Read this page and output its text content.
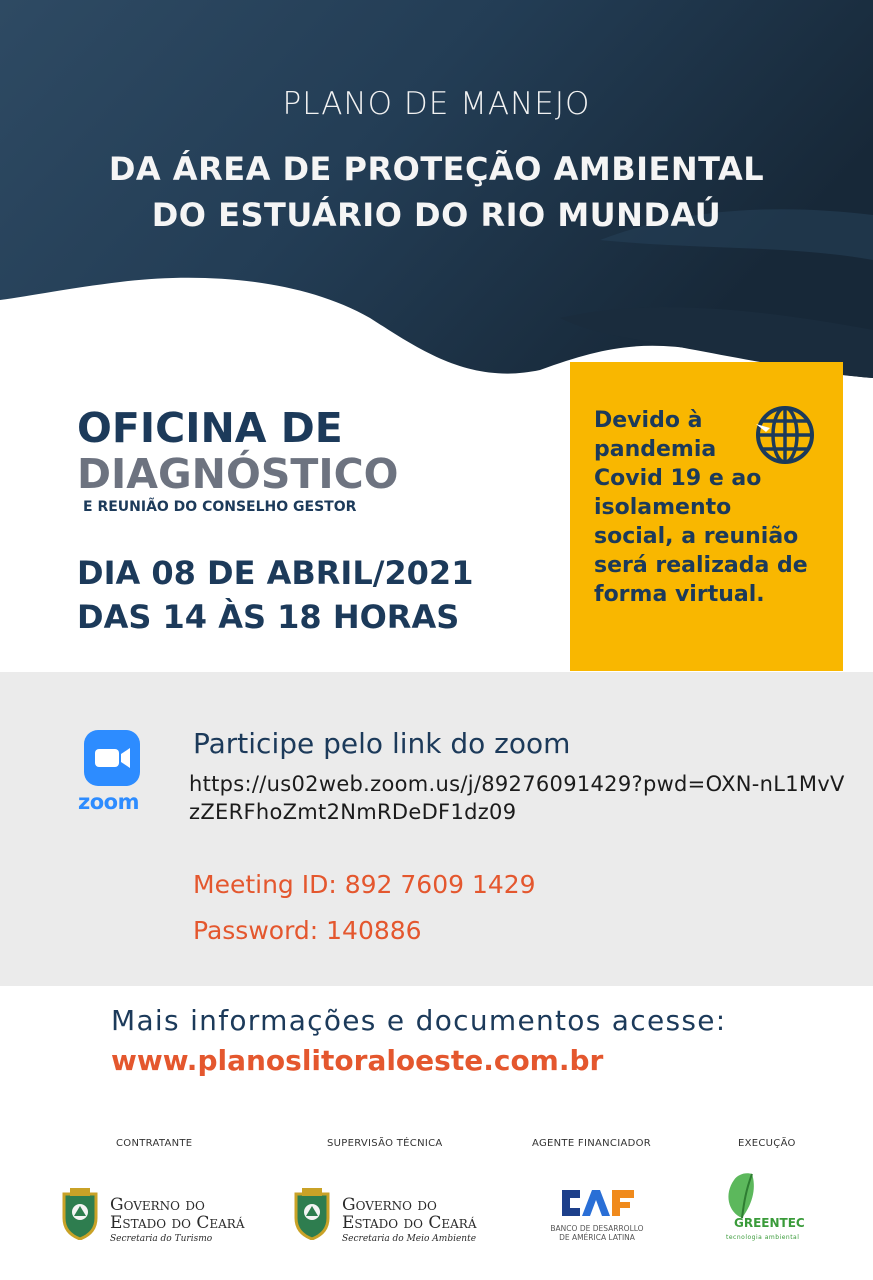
PLANO DE MANEJO
DA ÁREA DE PROTEÇÃO AMBIENTAL
DO ESTUÁRIO DO RIO MUNDAÚ
OFICINA DE
DIAGNÓSTICO
E REUNIÃO DO CONSELHO GESTOR
DIA 08 DE ABRIL/2021
DAS 14 ÀS 18 HORAS
Devido à
pandemia
Covid 19 e ao
isolamento
social, a reunião
será realizada de
forma virtual.
zoom
Participe pelo link do zoom
https://us02web.zoom.us/j/89276091429?pwd=OXN-nL1MvVzZERFhoZmt2NmRDeDF1dz09
Meeting ID: 892 7609 1429
Password: 140886
Mais informações e documentos acesse:
www.planoslitoraloeste.com.br
CONTRATANTE	SUPERVISÃO TÉCNICA	AGENTE FINANCIADOR	EXECUÇÃO
Governo do
Estado do Ceará
Secretaria do Turismo
Governo do
Estado do Ceará
Secretaria do Meio Ambiente
BANCO DE DESARROLLO
DE AMÉRICA LATINA
GREENTEC
tecnologia ambiental
